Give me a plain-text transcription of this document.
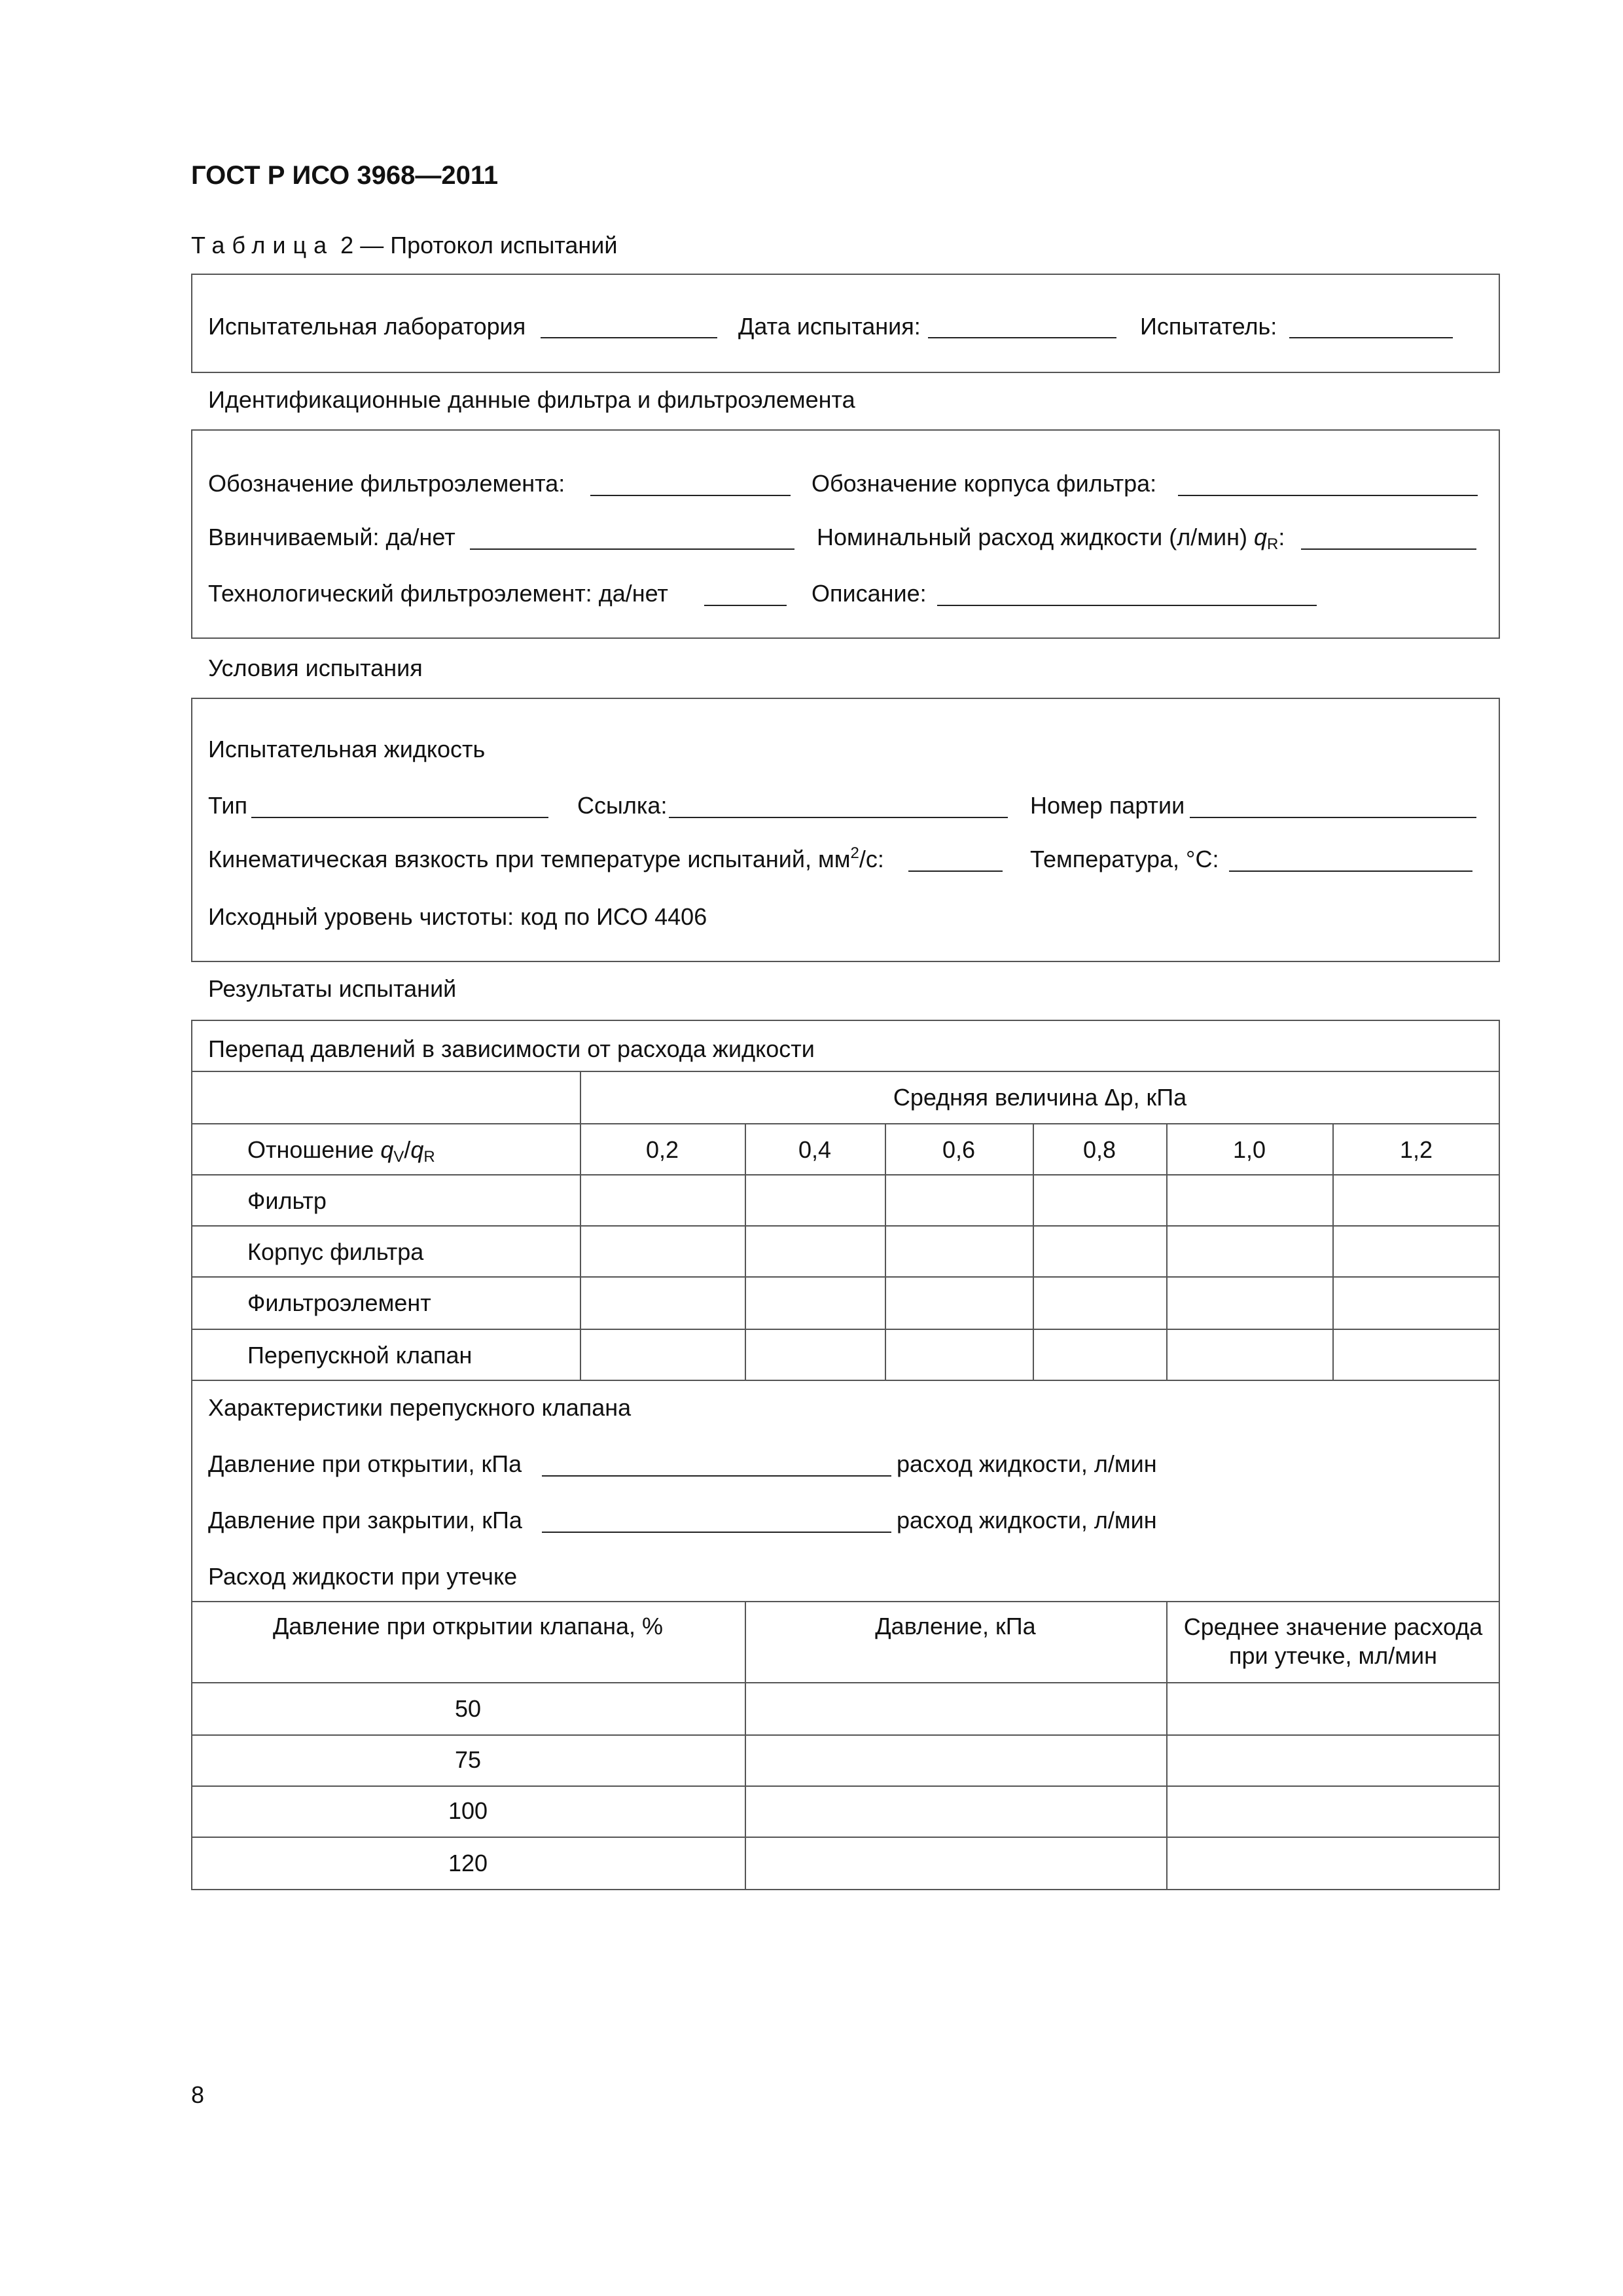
ГОСТ Р ИСО 3968—2011
Таблица 2 — Протокол испытаний
Испытательная лаборатория	Дата испытания:	Испытатель:
Идентификационные данные фильтра и фильтроэлемента
Обозначение фильтроэлемента:	Обозначение корпуса фильтра:
Ввинчиваемый: да/нет	Номинальный расход жидкости (л/мин) $q_R$:
Технологический фильтроэлемент: да/нет	Описание:
Условия испытания
Испытательная жидкость
Тип	Ссылка:	Номер партии
Кинематическая вязкость при температуре испытаний, $мм^2/с$:	Температура, °С:
Исходный уровень чистоты: код по ИСО 4406
Результаты испытаний
Перепад давлений в зависимости от расхода жидкости
Средняя величина Δp, кПа
Отношение $q_V/q_R$	0,2	0,4	0,6	0,8	1,0	1,2
Фильтр
Корпус фильтра
Фильтроэлемент
Перепускной клапан
Характеристики перепускного клапана
Давление при открытии, кПа	расход жидкости, л/мин
Давление при закрытии, кПа	расход жидкости, л/мин
Расход жидкости при утечке
Давление при открытии клапана, %	Давление, кПа	Среднее значение расхода
при утечке, мл/мин
50
75
100
120
8
